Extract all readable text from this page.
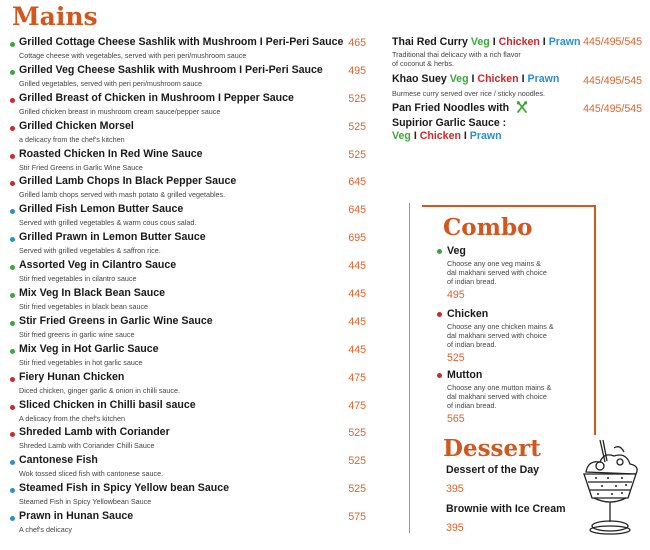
Mains
Grilled Cottage Cheese Sashlik with Mushroom I Peri-Peri Sauce
Cottage cheese with vegetables, served with peri peri/mushroom sauce
465
Grilled Veg Cheese Sashlik with Mushroom I Peri-Peri Sauce
Grilled vegetables, served with peri peri/mushroom sauce
495
Grilled Breast of Chicken in Mushroom I Pepper Sauce
Grilled chicken breast in mushroom cream sauce/pepper sauce
525
Grilled Chicken Morsel
a delicacy from the chef's kitchen
525
Roasted Chicken In Red Wine Sauce
Stir Fried Greens in Garlic Wine Sauce
525
Grilled Lamb Chops In Black Pepper Sauce
Grilled lamb chops served with mash potato & grilled vegetables.
645
Grilled Fish Lemon Butter Sauce
Served with grilled vegetables & warm cous cous salad.
645
Grilled Prawn in Lemon Butter Sauce
Served with grilled vegetables & saffron rice.
695
Assorted Veg in Cilantro Sauce
Stir fried vegetables in cilantro sauce
445
Mix Veg In Black Bean Sauce
Stir fried vegetables in black bean sauce
445
Stir Fried Greens in Garlic Wine Sauce
Stir fried greens in garlic wine sauce
445
Mix Veg in Hot Garlic Sauce
Stir fried vegetables in hot garlic sauce
445
Fiery Hunan Chicken
Diced chicken, ginger garlic & onion in chilli sauce.
475
Sliced Chicken in Chilli basil sauce
A delicacy from the chef's kitchen
475
Shreded Lamb with Coriander
Shreded Lamb with Coriander Chilli Sauce
525
Cantonese Fish
Wok tossed sliced fish with cantonese sauce.
525
Steamed Fish in Spicy Yellow bean Sauce
Steamed Fish in Spicy Yellowbean Sauce
525
Prawn in Hunan Sauce
A chef's delicacy
575
Thai Red Curry Veg I Chicken I Prawn
Traditional thai delicacy with a rich flavor
of coconut & herbs.
445/495/545
Khao Suey Veg I Chicken I Prawn
Burmese curry served over rice / sticky noodles.
445/495/545
Pan Fried Noodles with
Supirior Garlic Sauce :
Veg I Chicken I Prawn
445/495/545
Combo
Veg
Choose any one veg mains &
dal makhani served with choice
of indian bread.
495
Chicken
Choose any one chicken mains &
dal makhani served with choice
of indian bread.
525
Mutton
Choose any one mutton mains &
dal makhani served with choice
of indian bread.
565
Dessert
Dessert of the Day
395
Brownie with Ice Cream
395
